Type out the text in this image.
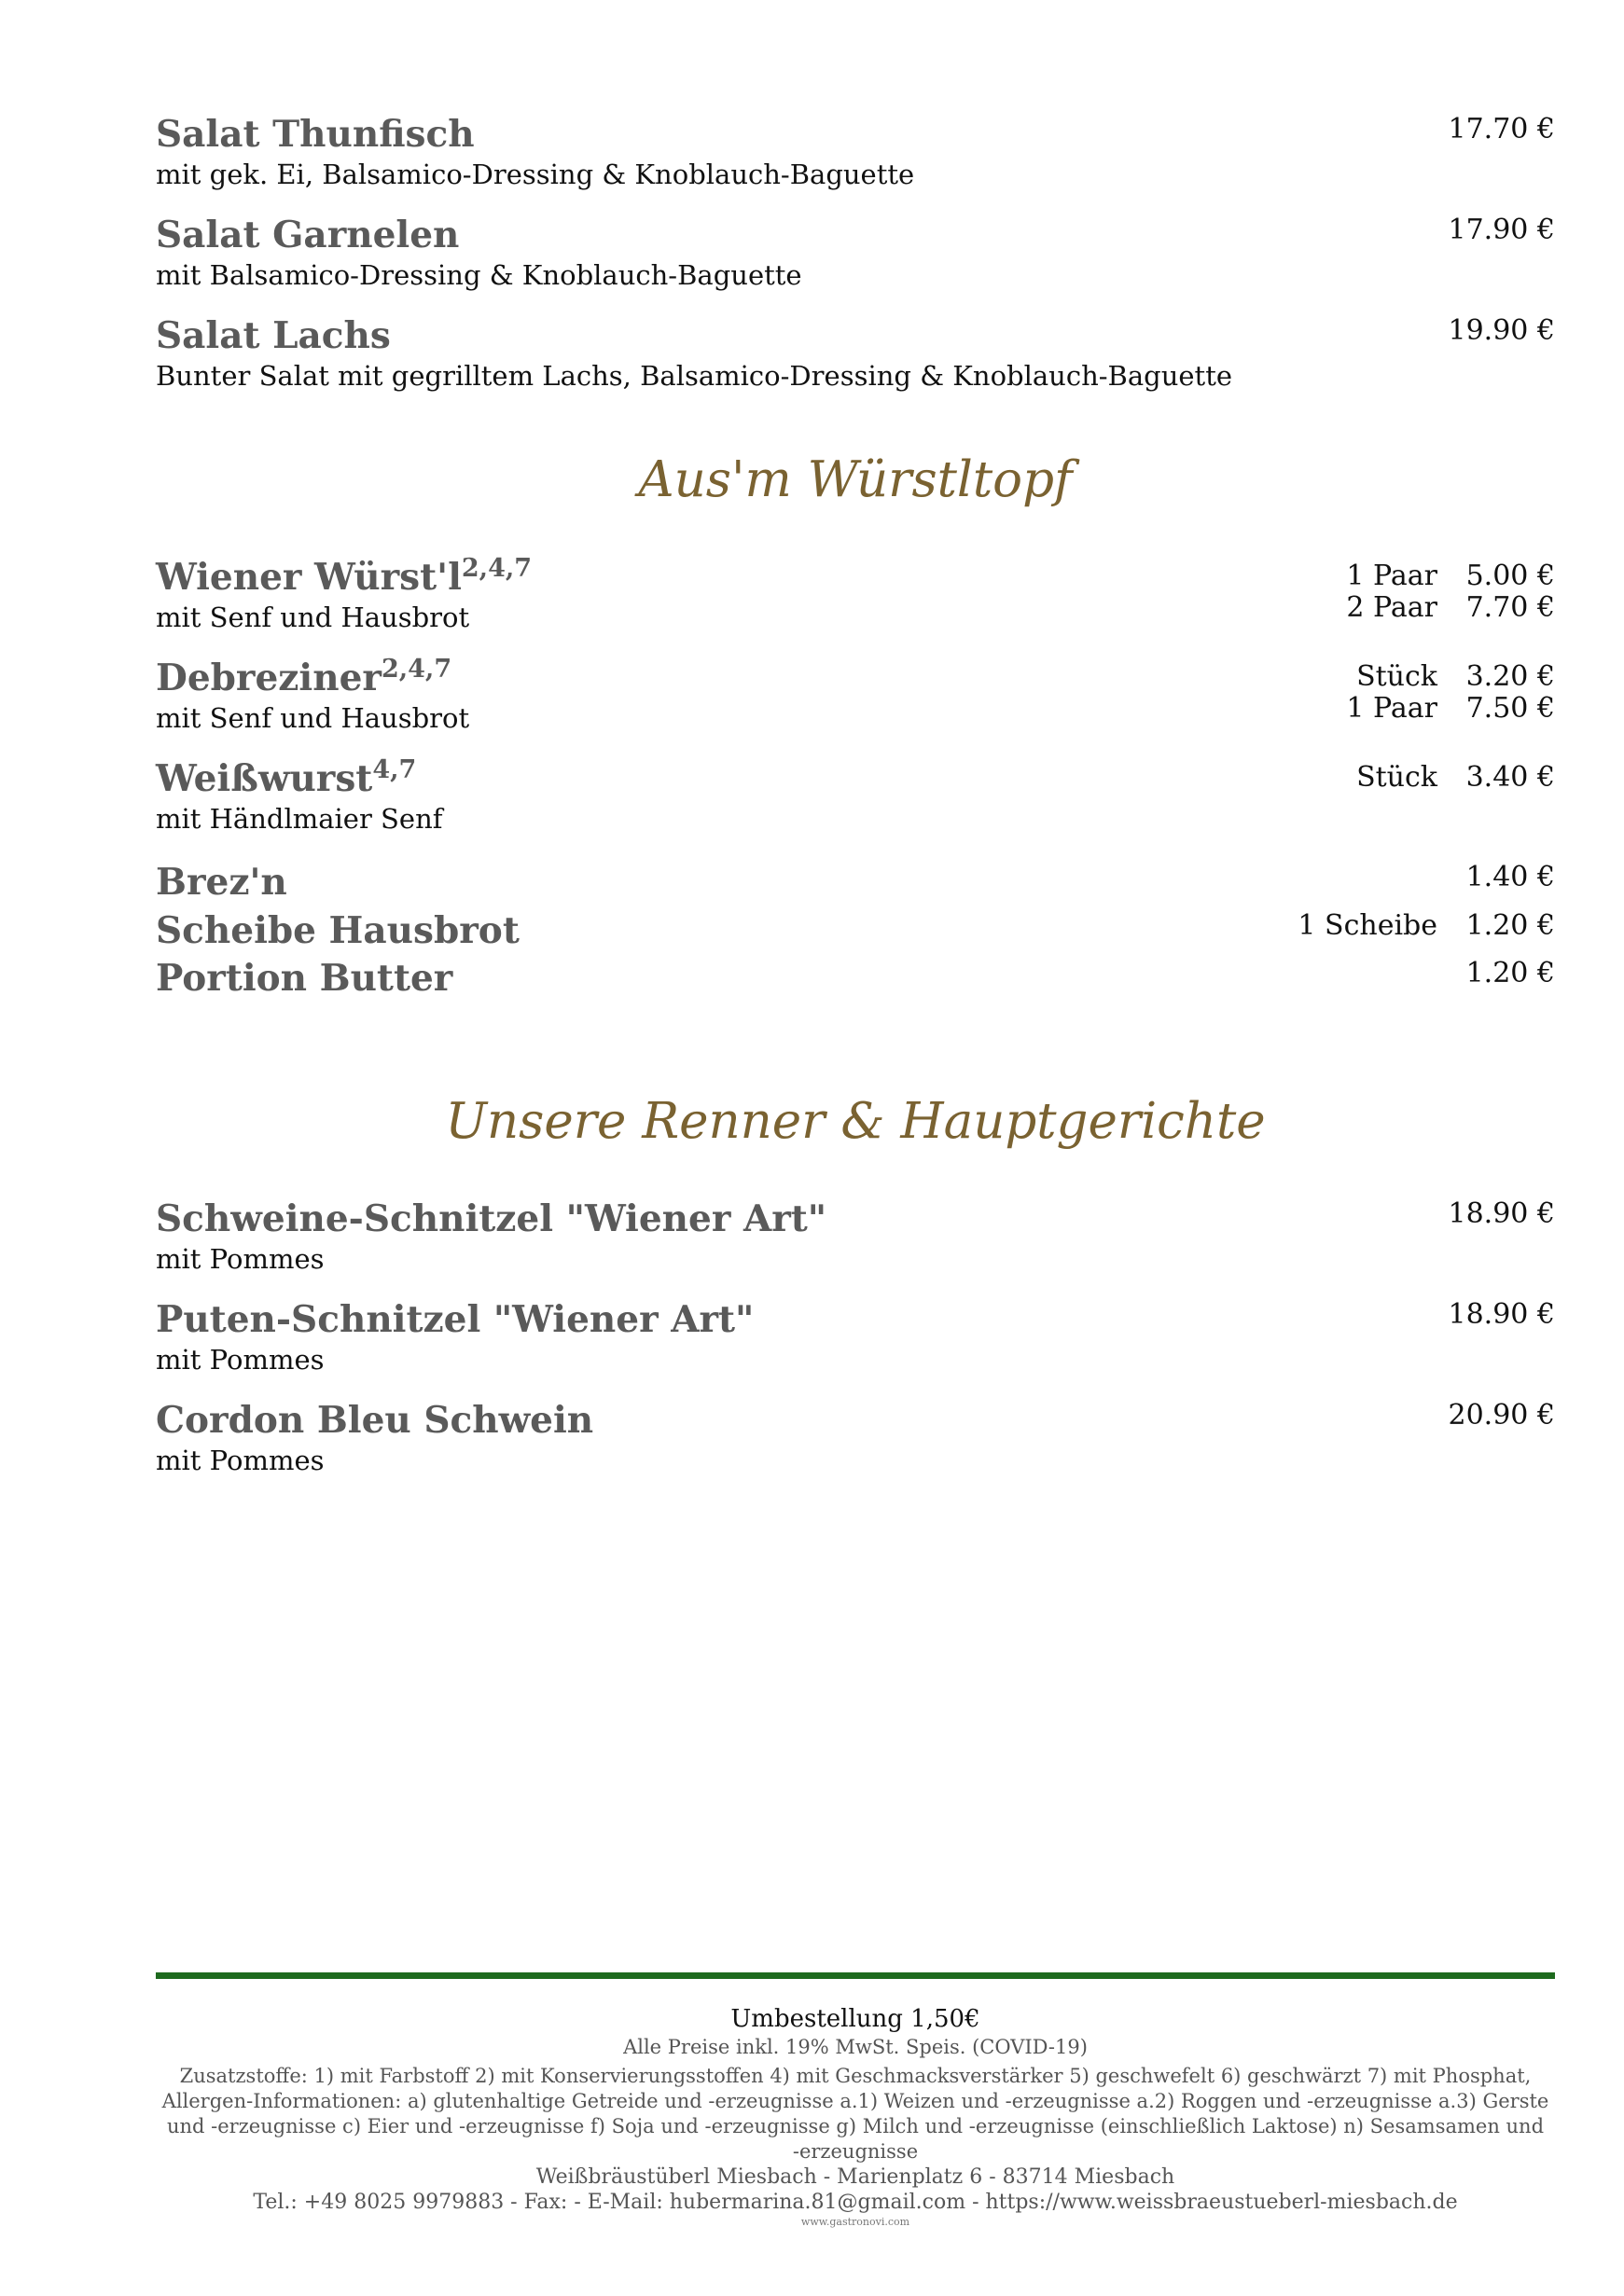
Salat Thunfisch
mit gek. Ei, Balsamico-Dressing & Knoblauch-Baguette
17.70 €
Salat Garnelen
mit Balsamico-Dressing & Knoblauch-Baguette
17.90 €
Salat Lachs
Bunter Salat mit gegrilltem Lachs, Balsamico-Dressing & Knoblauch-Baguette
19.90 €
Aus'm Würstltopf
Wiener $Würst'l^{2,4,7}$
mit Senf und Hausbrot
1 Paar 5.00 €
2 Paar 7.70 €
Debreziner$^{2,4,7}$
mit Senf und Hausbrot
Stück 3.20 €
1 Paar 7.50 €
Weißwurst$^{4,7}$
mit Händlmaier Senf
Stück 3.40 €
Brez'n	1.40 €
Scheibe Hausbrot	1 Scheibe 1.20 €
Portion Butter	1.20 €
Unsere Renner & Hauptgerichte
Schweine-Schnitzel "Wiener Art"
mit Pommes
18.90 €
Puten-Schnitzel "Wiener Art"
mit Pommes
18.90 €
Cordon Bleu Schwein
mit Pommes
20.90 €
Umbestellung 1,50€
Alle Preise inkl. 19% MwSt. Speis. (COVID-19)
Zusatzstoffe: 1) mit Farbstoff 2) mit Konservierungsstoffen 4) mit Geschmacksverstärker 5) geschwefelt 6) geschwärzt 7) mit Phosphat,
Allergen-Informationen: a) glutenhaltige Getreide und -erzeugnisse a.1) Weizen und -erzeugnisse a.2) Roggen und -erzeugnisse a.3) Gerste
und -erzeugnisse c) Eier und -erzeugnisse f) Soja und -erzeugnisse g) Milch und -erzeugnisse (einschließlich Laktose) n) Sesamsamen und
-erzeugnisse
Weißbräustüberl Miesbach - Marienplatz 6 - 83714 Miesbach
Tel.: +49 8025 9979883 - Fax: - E-Mail: hubermarina.81@gmail.com - https://www.weissbraeustueberl-miesbach.de
www.gastronovi.com
